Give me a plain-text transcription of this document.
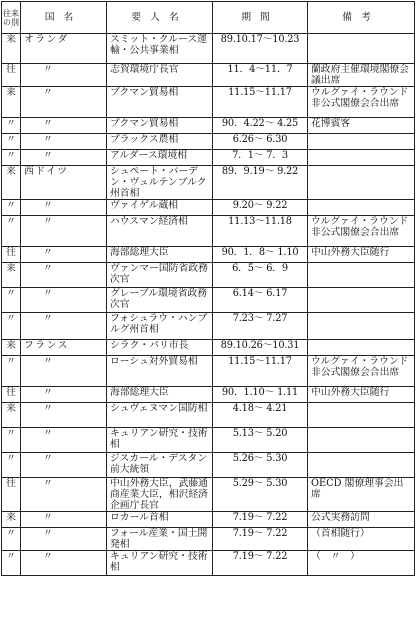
往来の別	国名	要人名	期間	備考
来	オランダ	スミット・クルース運輸・公共事業相	89.10.17〜10.23	
往	〃	志賀環境庁長官	11．4〜11．7	蘭政府主催環境閣僚会議出席
来	〃	ブクマン貿易相	11.15〜11.17	ウルグァイ・ラウンド非公式閣僚会合出席
〃	〃	ブクマン貿易相	90．4.22〜 4.25	花博賓客
〃	〃	ブラックス農相	6.26〜 6.30	
〃	〃	アルダース環境相	7．1〜 7．3	
来	西ドイツ	シュペート・バーデン・ヴュルテンブルク州首相	89．9.19〜 9.22	
〃	〃	ヴァイゲル蔵相	9.20〜 9.22	
〃	〃	ハウスマン経済相	11.13〜11.18	ウルグァイ・ラウンド非公式閣僚会合出席
往	〃	海部総理大臣	90．1．8〜 1.10	中山外務大臣随行
来	〃	ヴァンマー国防省政務次官	6．5〜 6．9	
〃	〃	グレーブル環境省政務次官	6.14〜 6.17	
〃	〃	フォシュラウ・ハンブルグ州首相	7.23〜 7.27	
来	フランス	シラク・パリ市長	89.10.26〜10.31	
〃	〃	ローシュ対外貿易相	11.15〜11.17	ウルグァイ・ラウンド非公式閣僚会合出席
往	〃	海部総理大臣	90．1.10〜 1.11	中山外務大臣随行
来	〃	シュヴェヌマン国防相	4.18〜 4.21	
〃	〃	キュリアン研究・技術相	5.13〜 5.20	
〃	〃	ジスカール・デスタン前大統領	5.26〜 5.30	
往	〃	中山外務大臣，武藤通商産業大臣，相沢経済企画庁長官	5.29〜 5.30	OECD 閣僚理事会出席
来	〃	ロカール首相	7.19〜 7.22	公式実務訪問
〃	〃	フォール産業・国土開発相	7.19〜 7.22	（首相随行）
〃	〃	キュリアン研究・技術相	7.19〜 7.22	（　〃　）
